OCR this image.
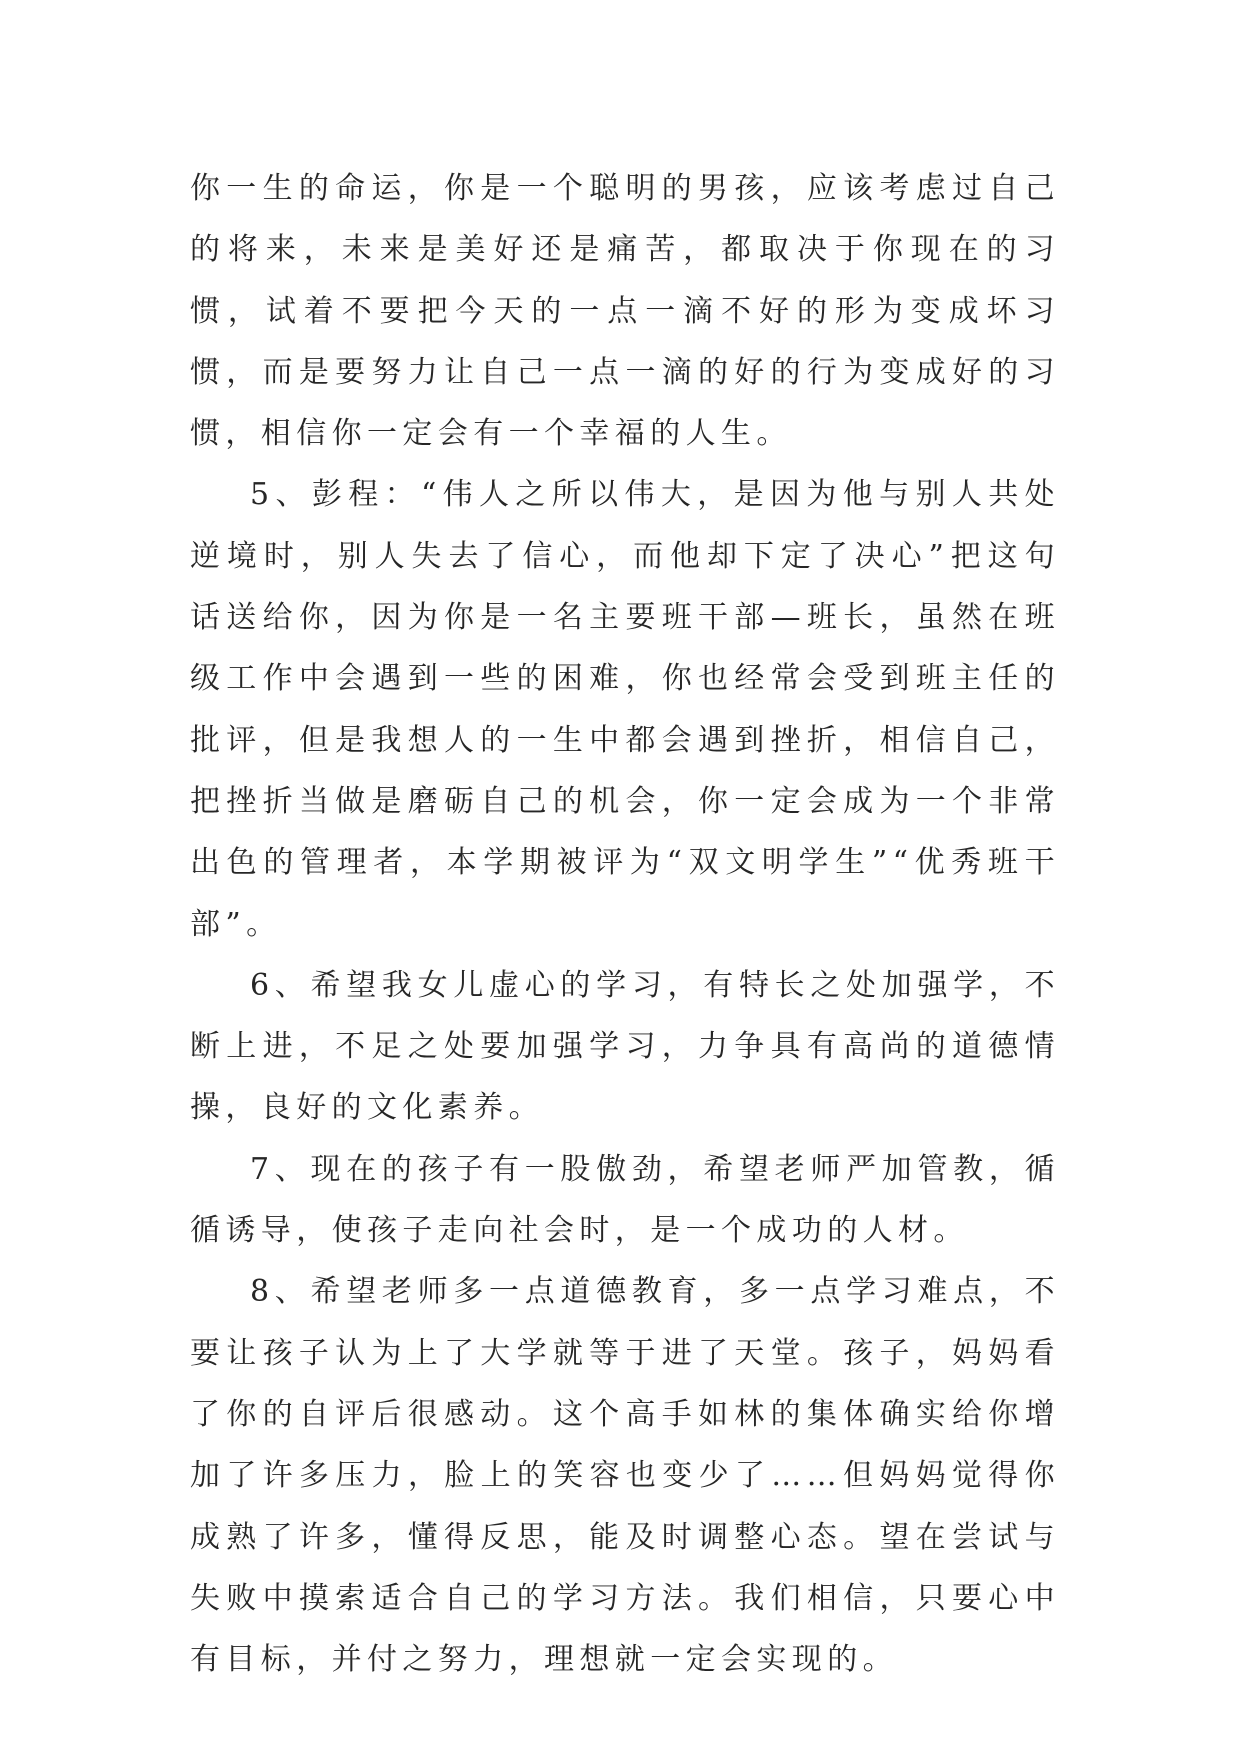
你一生的命运，你是一个聪明的男孩，应该考虑过自己的将来，未来是美好还是痛苦，都取决于你现在的习惯，试着不要把今天的一点一滴不好的形为变成坏习惯，而是要努力让自己一点一滴的好的行为变成好的习惯，相信你一定会有一个幸福的人生。

5、彭程：“伟人之所以伟大，是因为他与别人共处逆境时，别人失去了信心，而他却下定了决心”把这句话送给你，因为你是一名主要班干部—班长，虽然在班级工作中会遇到一些的困难，你也经常会受到班主任的批评，但是我想人的一生中都会遇到挫折，相信自己，把挫折当做是磨砺自己的机会，你一定会成为一个非常出色的管理者，本学期被评为“双文明学生”“优秀班干部”。

6、希望我女儿虚心的学习，有特长之处加强学，不断上进，不足之处要加强学习，力争具有高尚的道德情操，良好的文化素养。

7、现在的孩子有一股傲劲，希望老师严加管教，循循诱导，使孩子走向社会时，是一个成功的人材。

8、希望老师多一点道德教育，多一点学习难点，不要让孩子认为上了大学就等于进了天堂。孩子，妈妈看了你的自评后很感动。这个高手如林的集体确实给你增加了许多压力，脸上的笑容也变少了……但妈妈觉得你成熟了许多，懂得反思，能及时调整心态。望在尝试与失败中摸索适合自己的学习方法。我们相信，只要心中有目标，并付之努力，理想就一定会实现的。
